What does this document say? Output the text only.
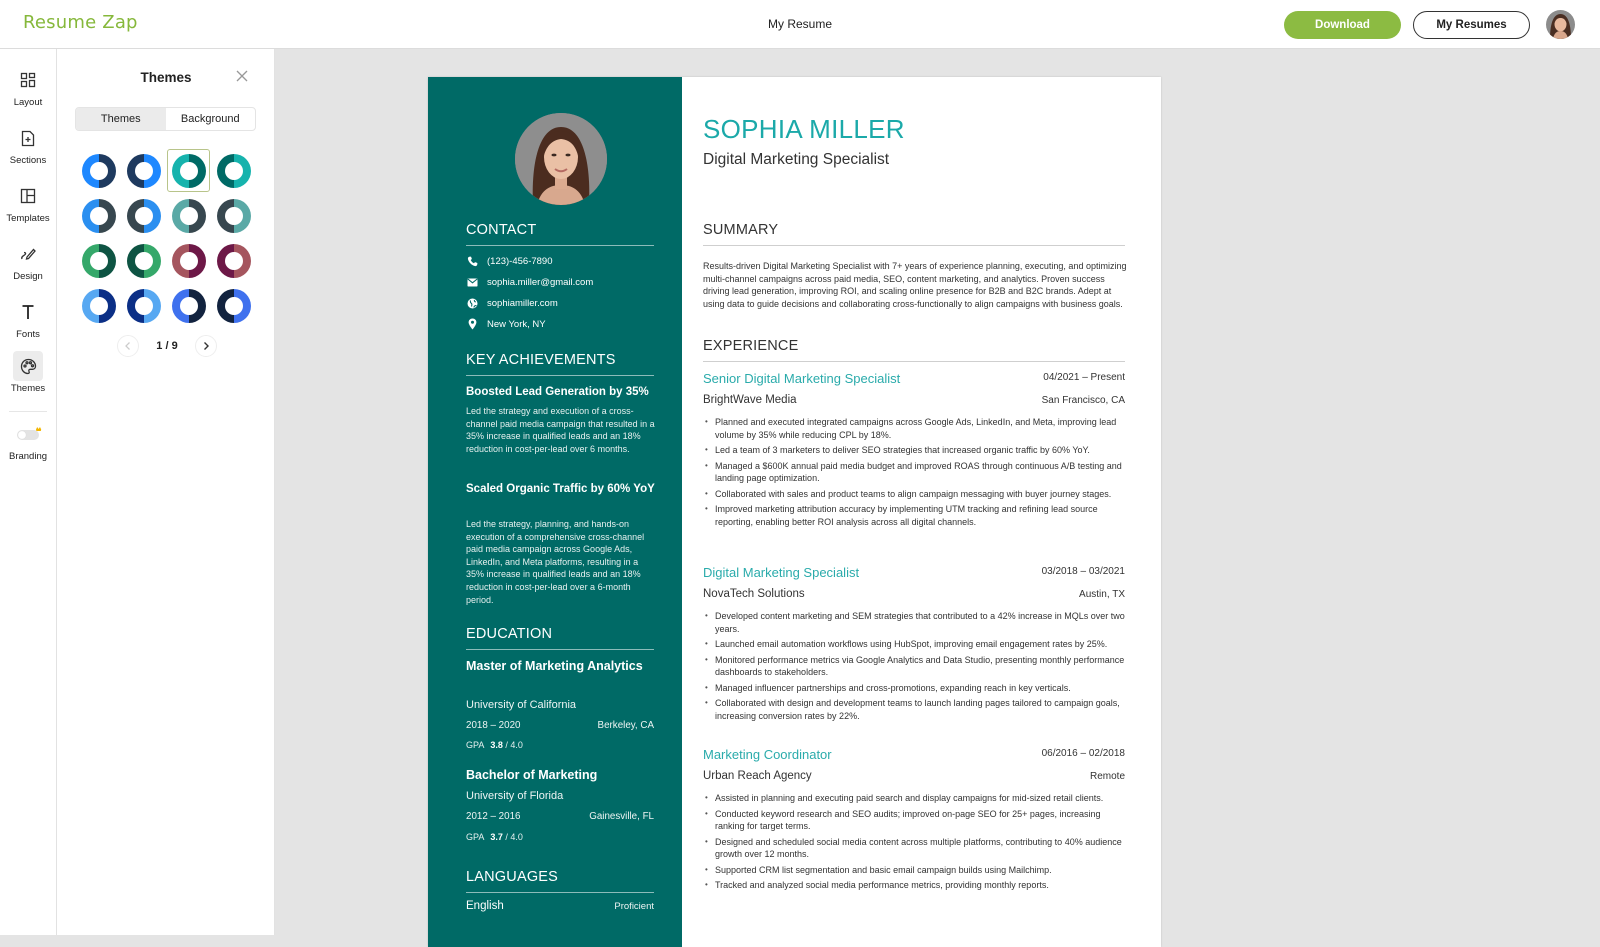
Resume Zap	My Resume	Download	My Resumes
Layout
Sections
Templates
Design
Fonts
Themes
Branding
Themes
Themes	Background
1 / 9
CONTACT
(123)-456-7890
sophia.miller@gmail.com
sophiamiller.com
New York, NY
KEY ACHIEVEMENTS
Boosted Lead Generation by 35%
Led the strategy and execution of a cross-channel paid media campaign that resulted in a 35% increase in qualified leads and an 18% reduction in cost-per-lead over 6 months.
Scaled Organic Traffic by 60% YoY
Led the strategy, planning, and hands-on execution of a comprehensive cross-channel paid media campaign across Google Ads, LinkedIn, and Meta platforms, resulting in a 35% increase in qualified leads and an 18% reduction in cost-per-lead over a 6-month period.
EDUCATION
Master of Marketing Analytics
University of California
2018 – 2020	Berkeley, CA
GPA 3.8 / 4.0
Bachelor of Marketing
University of Florida
2012 – 2016	Gainesville, FL
GPA 3.7 / 4.0
LANGUAGES
English	Proficient
SOPHIA MILLER
Digital Marketing Specialist
SUMMARY
Results-driven Digital Marketing Specialist with 7+ years of experience planning, executing, and optimizing multi-channel campaigns across paid media, SEO, content marketing, and analytics. Proven success driving lead generation, improving ROI, and scaling online presence for B2B and B2C brands. Adept at using data to guide decisions and collaborating cross-functionally to align campaigns with business goals.
EXPERIENCE
Senior Digital Marketing Specialist	04/2021 – Present
BrightWave Media	San Francisco, CA
• Planned and executed integrated campaigns across Google Ads, LinkedIn, and Meta, improving lead volume by 35% while reducing CPL by 18%.
• Led a team of 3 marketers to deliver SEO strategies that increased organic traffic by 60% YoY.
• Managed a $600K annual paid media budget and improved ROAS through continuous A/B testing and landing page optimization.
• Collaborated with sales and product teams to align campaign messaging with buyer journey stages.
• Improved marketing attribution accuracy by implementing UTM tracking and refining lead source reporting, enabling better ROI analysis across all digital channels.
Digital Marketing Specialist	03/2018 – 03/2021
NovaTech Solutions	Austin, TX
• Developed content marketing and SEM strategies that contributed to a 42% increase in MQLs over two years.
• Launched email automation workflows using HubSpot, improving email engagement rates by 25%.
• Monitored performance metrics via Google Analytics and Data Studio, presenting monthly performance dashboards to stakeholders.
• Managed influencer partnerships and cross-promotions, expanding reach in key verticals.
• Collaborated with design and development teams to launch landing pages tailored to campaign goals, increasing conversion rates by 22%.
Marketing Coordinator	06/2016 – 02/2018
Urban Reach Agency	Remote
• Assisted in planning and executing paid search and display campaigns for mid-sized retail clients.
• Conducted keyword research and SEO audits; improved on-page SEO for 25+ pages, increasing ranking for target terms.
• Designed and scheduled social media content across multiple platforms, contributing to 40% audience growth over 12 months.
• Supported CRM list segmentation and basic email campaign builds using Mailchimp.
• Tracked and analyzed social media performance metrics, providing monthly reports.
